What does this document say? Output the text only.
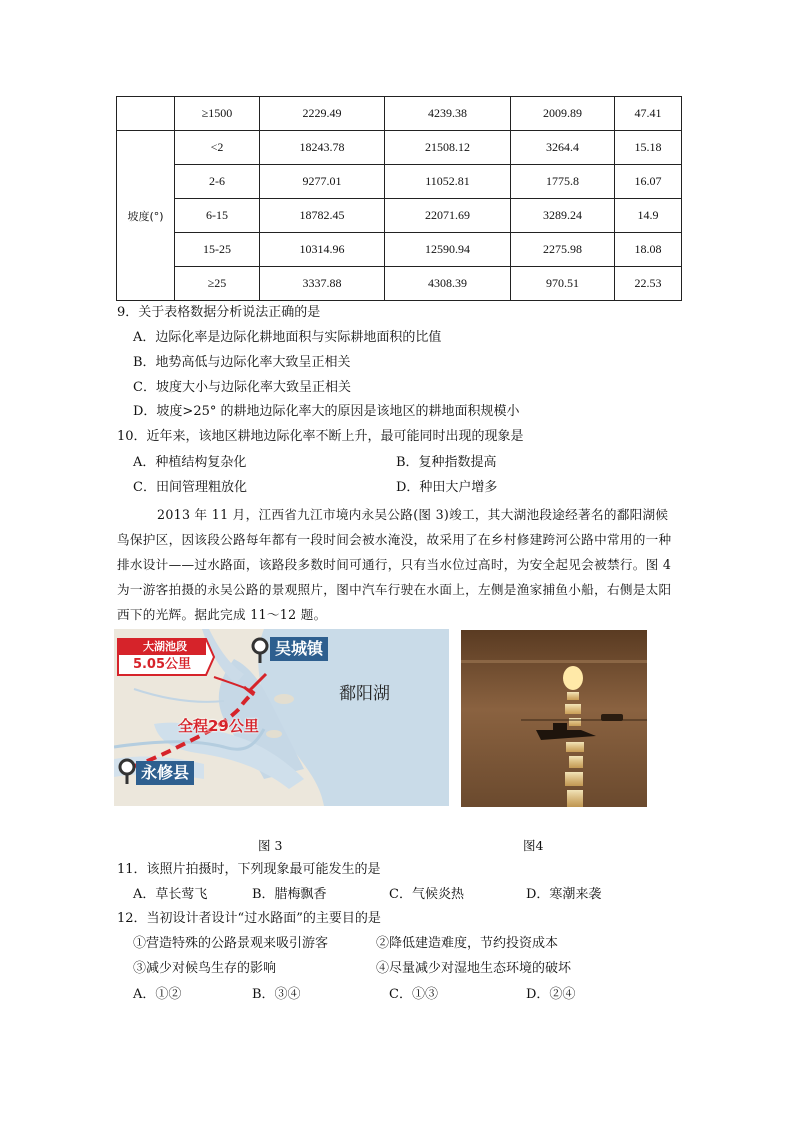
	≥1500	2229.49	4239.38	2009.89	47.41
坡度(°)	<2	18243.78	21508.12	3264.4	15.18
	2-6	9277.01	11052.81	1775.8	16.07
	6-15	18782.45	22071.69	3289.24	14.9
	15-25	10314.96	12590.94	2275.98	18.08
	≥25	3337.88	4308.39	970.51	22.53
9．关于表格数据分析说法正确的是
A．边际化率是边际化耕地面积与实际耕地面积的比值
B．地势高低与边际化率大致呈正相关
C．坡度大小与边际化率大致呈正相关
D．坡度>25° 的耕地边际化率大的原因是该地区的耕地面积规模小
10．近年来，该地区耕地边际化率不断上升，最可能同时出现的现象是
A．种植结构复杂化	B．复种指数提高
C．田间管理粗放化	D．种田大户增多
2013 年 11 月，江西省九江市境内永吴公路(图 3)竣工，其大湖池段途经著名的鄱阳湖候鸟保护区，因该段公路每年都有一段时间会被水淹没，故采用了在乡村修建跨河公路中常用的一种排水设计——过水路面，该路段多数时间可通行，只有当水位过高时，为安全起见会被禁行。图 4 为一游客拍摄的永吴公路的景观照片，图中汽车行驶在水面上，左侧是渔家捕鱼小船，右侧是太阳西下的光辉。据此完成 11～12 题。
大湖池段
5.05公里
吴城镇
鄱阳湖
全程29公里
永修县
图 3	图4
11．该照片拍摄时，下列现象最可能发生的是
A．草长莺飞	B．腊梅飘香	C．气候炎热	D．寒潮来袭
12．当初设计者设计“过水路面”的主要目的是
①营造特殊的公路景观来吸引游客	②降低建造难度，节约投资成本
③减少对候鸟生存的影响	④尽量减少对湿地生态环境的破坏
A．①②	B．③④	C．①③	D．②④
